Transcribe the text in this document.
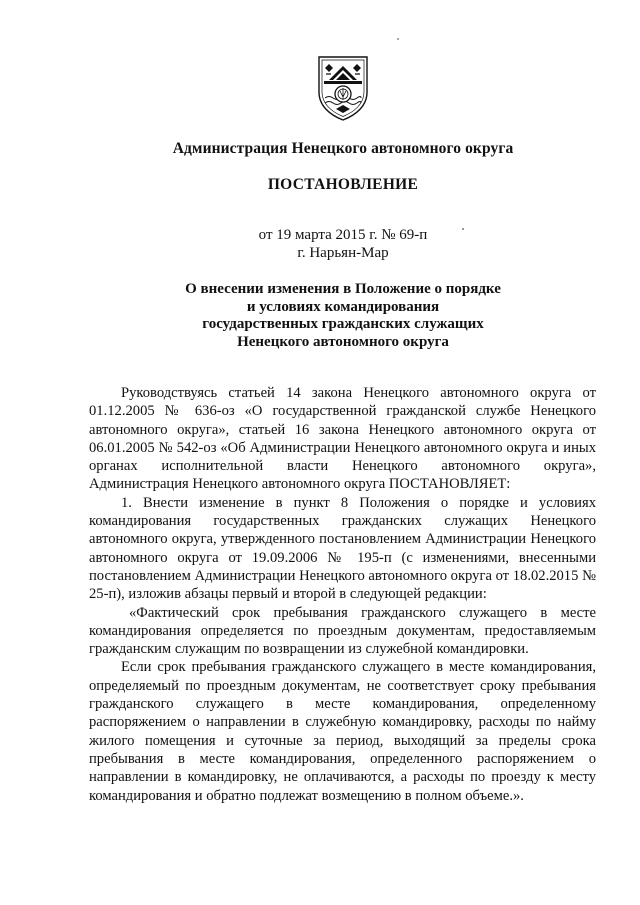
Администрация Ненецкого автономного округа
ПОСТАНОВЛЕНИЕ
от 19 марта 2015 г. № 69-п
г. Нарьян-Мар
О внесении изменения в Положение о порядке
и условиях командирования
государственных гражданских служащих
Ненецкого автономного округа

Руководствуясь статьей 14 закона Ненецкого автономного округа от 01.12.2005 № 636-оз «О государственной гражданской службе Ненецкого автономного округа», статьей 16 закона Ненецкого автономного округа от 06.01.2005 № 542-оз «Об Администрации Ненецкого автономного округа и иных органах исполнительной власти Ненецкого автономного округа», Администрация Ненецкого автономного округа ПОСТАНОВЛЯЕТ:

1. Внести изменение в пункт 8 Положения о порядке и условиях командирования государственных гражданских служащих Ненецкого автономного округа, утвержденного постановлением Администрации Ненецкого автономного округа от 19.09.2006 № 195-п (с изменениями, внесенными постановлением Администрации Ненецкого автономного округа от 18.02.2015 № 25-п), изложив абзацы первый и второй в следующей редакции:

«Фактический срок пребывания гражданского служащего в месте командирования определяется по проездным документам, предоставляемым гражданским служащим по возвращении из служебной командировки.

Если срок пребывания гражданского служащего в месте командирования, определяемый по проездным документам, не соответствует сроку пребывания гражданского служащего в месте командирования, определенному распоряжением о направлении в служебную командировку, расходы по найму жилого помещения и суточные за период, выходящий за пределы срока пребывания в месте командирования, определенного распоряжением о направлении в командировку, не оплачиваются, а расходы по проезду к месту командирования и обратно подлежат возмещению в полном объеме.».
